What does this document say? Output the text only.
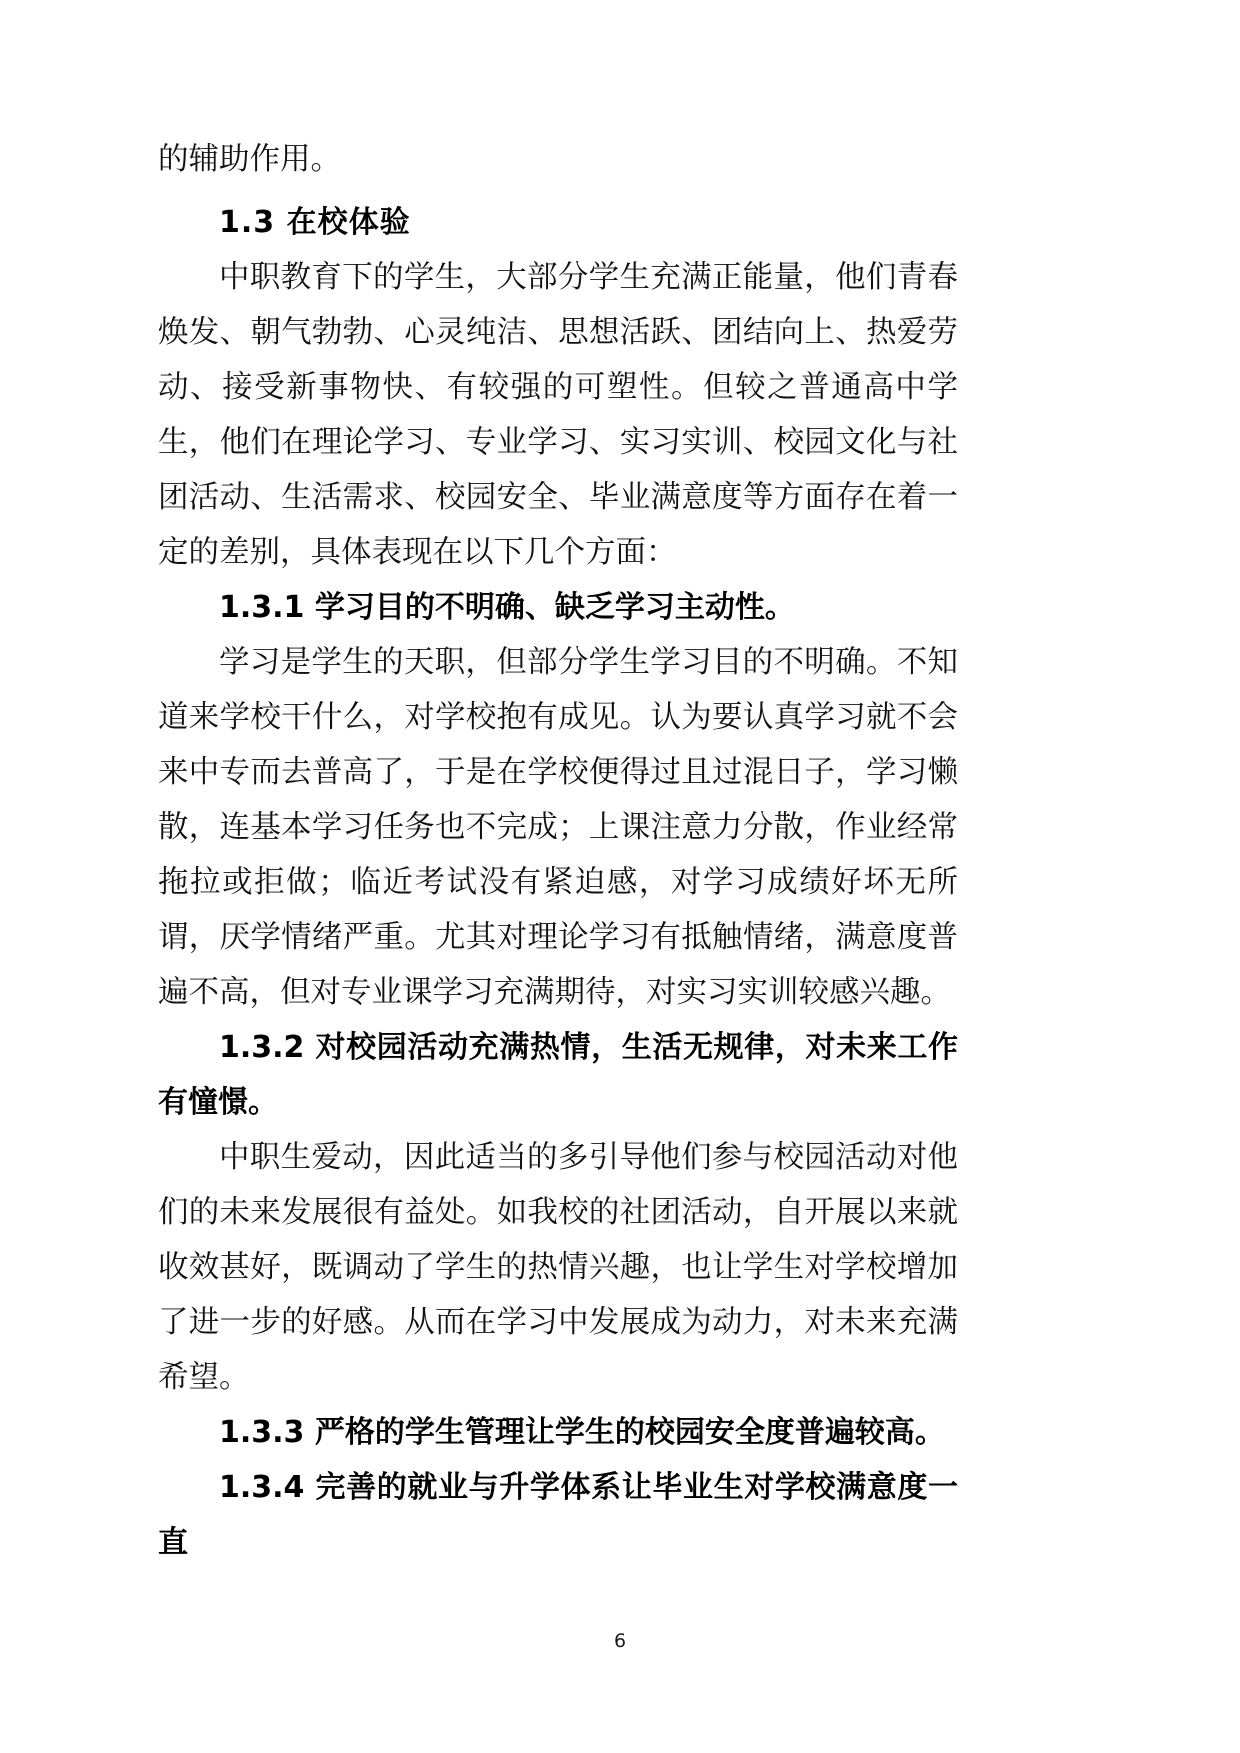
的辅助作用。

1.3 在校体验

中职教育下的学生，大部分学生充满正能量，他们青春焕发、朝气勃勃、心灵纯洁、思想活跃、团结向上、热爱劳动、接受新事物快、有较强的可塑性。但较之普通高中学生，他们在理论学习、专业学习、实习实训、校园文化与社团活动、生活需求、校园安全、毕业满意度等方面存在着一定的差别，具体表现在以下几个方面：

1.3.1 学习目的不明确、缺乏学习主动性。

学习是学生的天职，但部分学生学习目的不明确。不知道来学校干什么，对学校抱有成见。认为要认真学习就不会来中专而去普高了，于是在学校便得过且过混日子，学习懒散，连基本学习任务也不完成；上课注意力分散，作业经常拖拉或拒做；临近考试没有紧迫感，对学习成绩好坏无所谓，厌学情绪严重。尤其对理论学习有抵触情绪，满意度普遍不高，但对专业课学习充满期待，对实习实训较感兴趣。

1.3.2 对校园活动充满热情，生活无规律，对未来工作有憧憬。

中职生爱动，因此适当的多引导他们参与校园活动对他们的未来发展很有益处。如我校的社团活动，自开展以来就收效甚好，既调动了学生的热情兴趣，也让学生对学校增加了进一步的好感。从而在学习中发展成为动力，对未来充满希望。

1.3.3 严格的学生管理让学生的校园安全度普遍较高。
1.3.4 完善的就业与升学体系让毕业生对学校满意度一直
6
